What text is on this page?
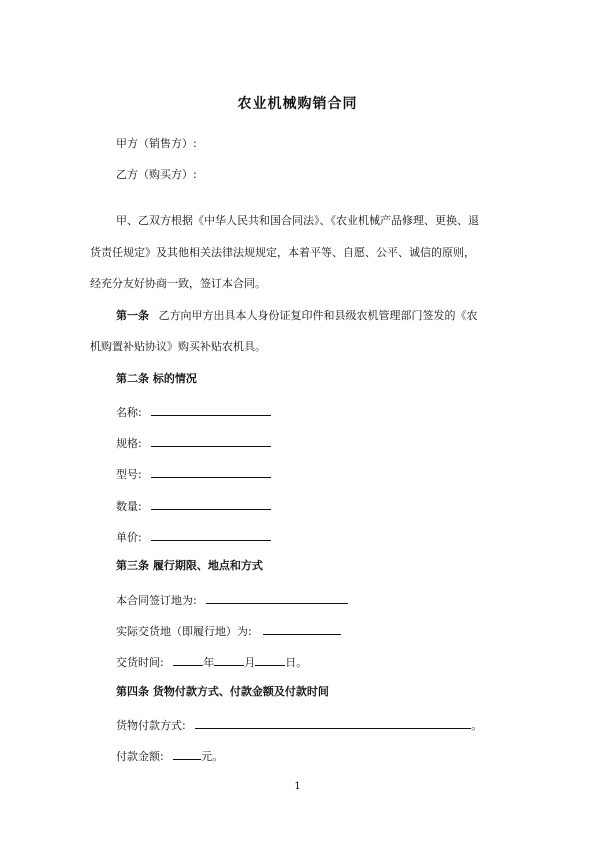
农业机械购销合同
甲方（销售方）:
乙方（购买方）:
甲、乙双方根据《中华人民共和国合同法》、《农业机械产品修理、更换、退
货责任规定》及其他相关法律法规规定，本着平等、自愿、公平、诚信的原则，
经充分友好协商一致，签订本合同。
第一条 乙方向甲方出具本人身份证复印件和县级农机管理部门签发的《农
机购置补贴协议》购买补贴农机具。
第二条 标的情况
名称:
规格:
型号:
数量:
单价:
第三条 履行期限、地点和方式
本合同签订地为:
实际交货地（即履行地）为:
交货时间:	年	月	日。
第四条 货物付款方式、付款金额及付款时间
货物付款方式:	。
付款金额:	元。
1
